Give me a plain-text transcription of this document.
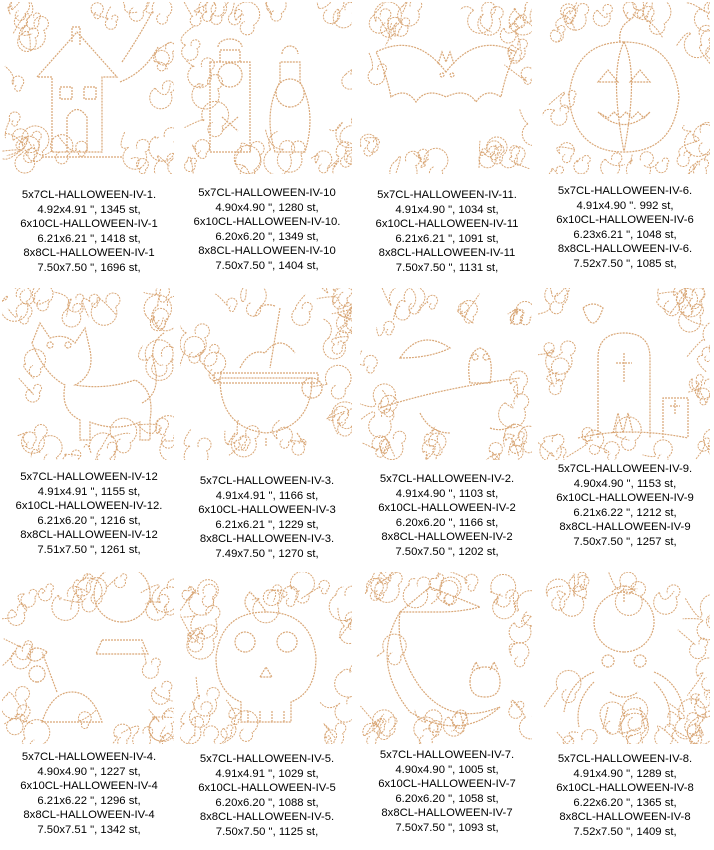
5x7CL-HALLOWEEN-IV-1.
4.92x4.91 ", 1345 st,
6x10CL-HALLOWEEN-IV-1
6.21x6.21 ", 1418 st,
8x8CL-HALLOWEEN-IV-1
7.50x7.50 ", 1696 st,
5x7CL-HALLOWEEN-IV-10
4.90x4.90 ", 1280 st,
6x10CL-HALLOWEEN-IV-10.
6.20x6.20 ", 1349 st,
8x8CL-HALLOWEEN-IV-10
7.50x7.50 ", 1404 st,
5x7CL-HALLOWEEN-IV-11.
4.91x4.90 ", 1034 st,
6x10CL-HALLOWEEN-IV-11
6.21x6.21 ", 1091 st,
8x8CL-HALLOWEEN-IV-11
7.50x7.50 ", 1131 st,
5x7CL-HALLOWEEN-IV-6.
4.91x4.90 ". 992 st,
6x10CL-HALLOWEEN-IV-6
6.23x6.21 ", 1048 st,
8x8CL-HALLOWEEN-IV-6.
7.52x7.50 ", 1085 st,
5x7CL-HALLOWEEN-IV-12
4.91x4.91 ", 1155 st,
6x10CL-HALLOWEEN-IV-12.
6.21x6.20 ", 1216 st,
8x8CL-HALLOWEEN-IV-12
7.51x7.50 ", 1261 st,
5x7CL-HALLOWEEN-IV-3.
4.91x4.91 ", 1166 st,
6x10CL-HALLOWEEN-IV-3
6.21x6.21 ", 1229 st,
8x8CL-HALLOWEEN-IV-3.
7.49x7.50 ", 1270 st,
5x7CL-HALLOWEEN-IV-2.
4.91x4.90 ", 1103 st,
6x10CL-HALLOWEEN-IV-2
6.20x6.20 ", 1166 st,
8x8CL-HALLOWEEN-IV-2
7.50x7.50 ", 1202 st,
5x7CL-HALLOWEEN-IV-9.
4.90x4.90 ", 1153 st,
6x10CL-HALLOWEEN-IV-9
6.21x6.22 ", 1212 st,
8x8CL-HALLOWEEN-IV-9
7.50x7.50 ", 1257 st,
5x7CL-HALLOWEEN-IV-4.
4.90x4.90 ", 1227 st,
6x10CL-HALLOWEEN-IV-4
6.21x6.22 ", 1296 st,
8x8CL-HALLOWEEN-IV-4
7.50x7.51 ", 1342 st,
5x7CL-HALLOWEEN-IV-5.
4.91x4.91 ", 1029 st,
6x10CL-HALLOWEEN-IV-5
6.20x6.20 ", 1088 st,
8x8CL-HALLOWEEN-IV-5.
7.50x7.50 ", 1125 st,
5x7CL-HALLOWEEN-IV-7.
4.90x4.90 ", 1005 st,
6x10CL-HALLOWEEN-IV-7
6.20x6.20 ", 1058 st,
8x8CL-HALLOWEEN-IV-7
7.50x7.50 ", 1093 st,
5x7CL-HALLOWEEN-IV-8.
4.91x4.90 ", 1289 st,
6x10CL-HALLOWEEN-IV-8
6.22x6.20 ", 1365 st,
8x8CL-HALLOWEEN-IV-8
7.52x7.50 ", 1409 st,
